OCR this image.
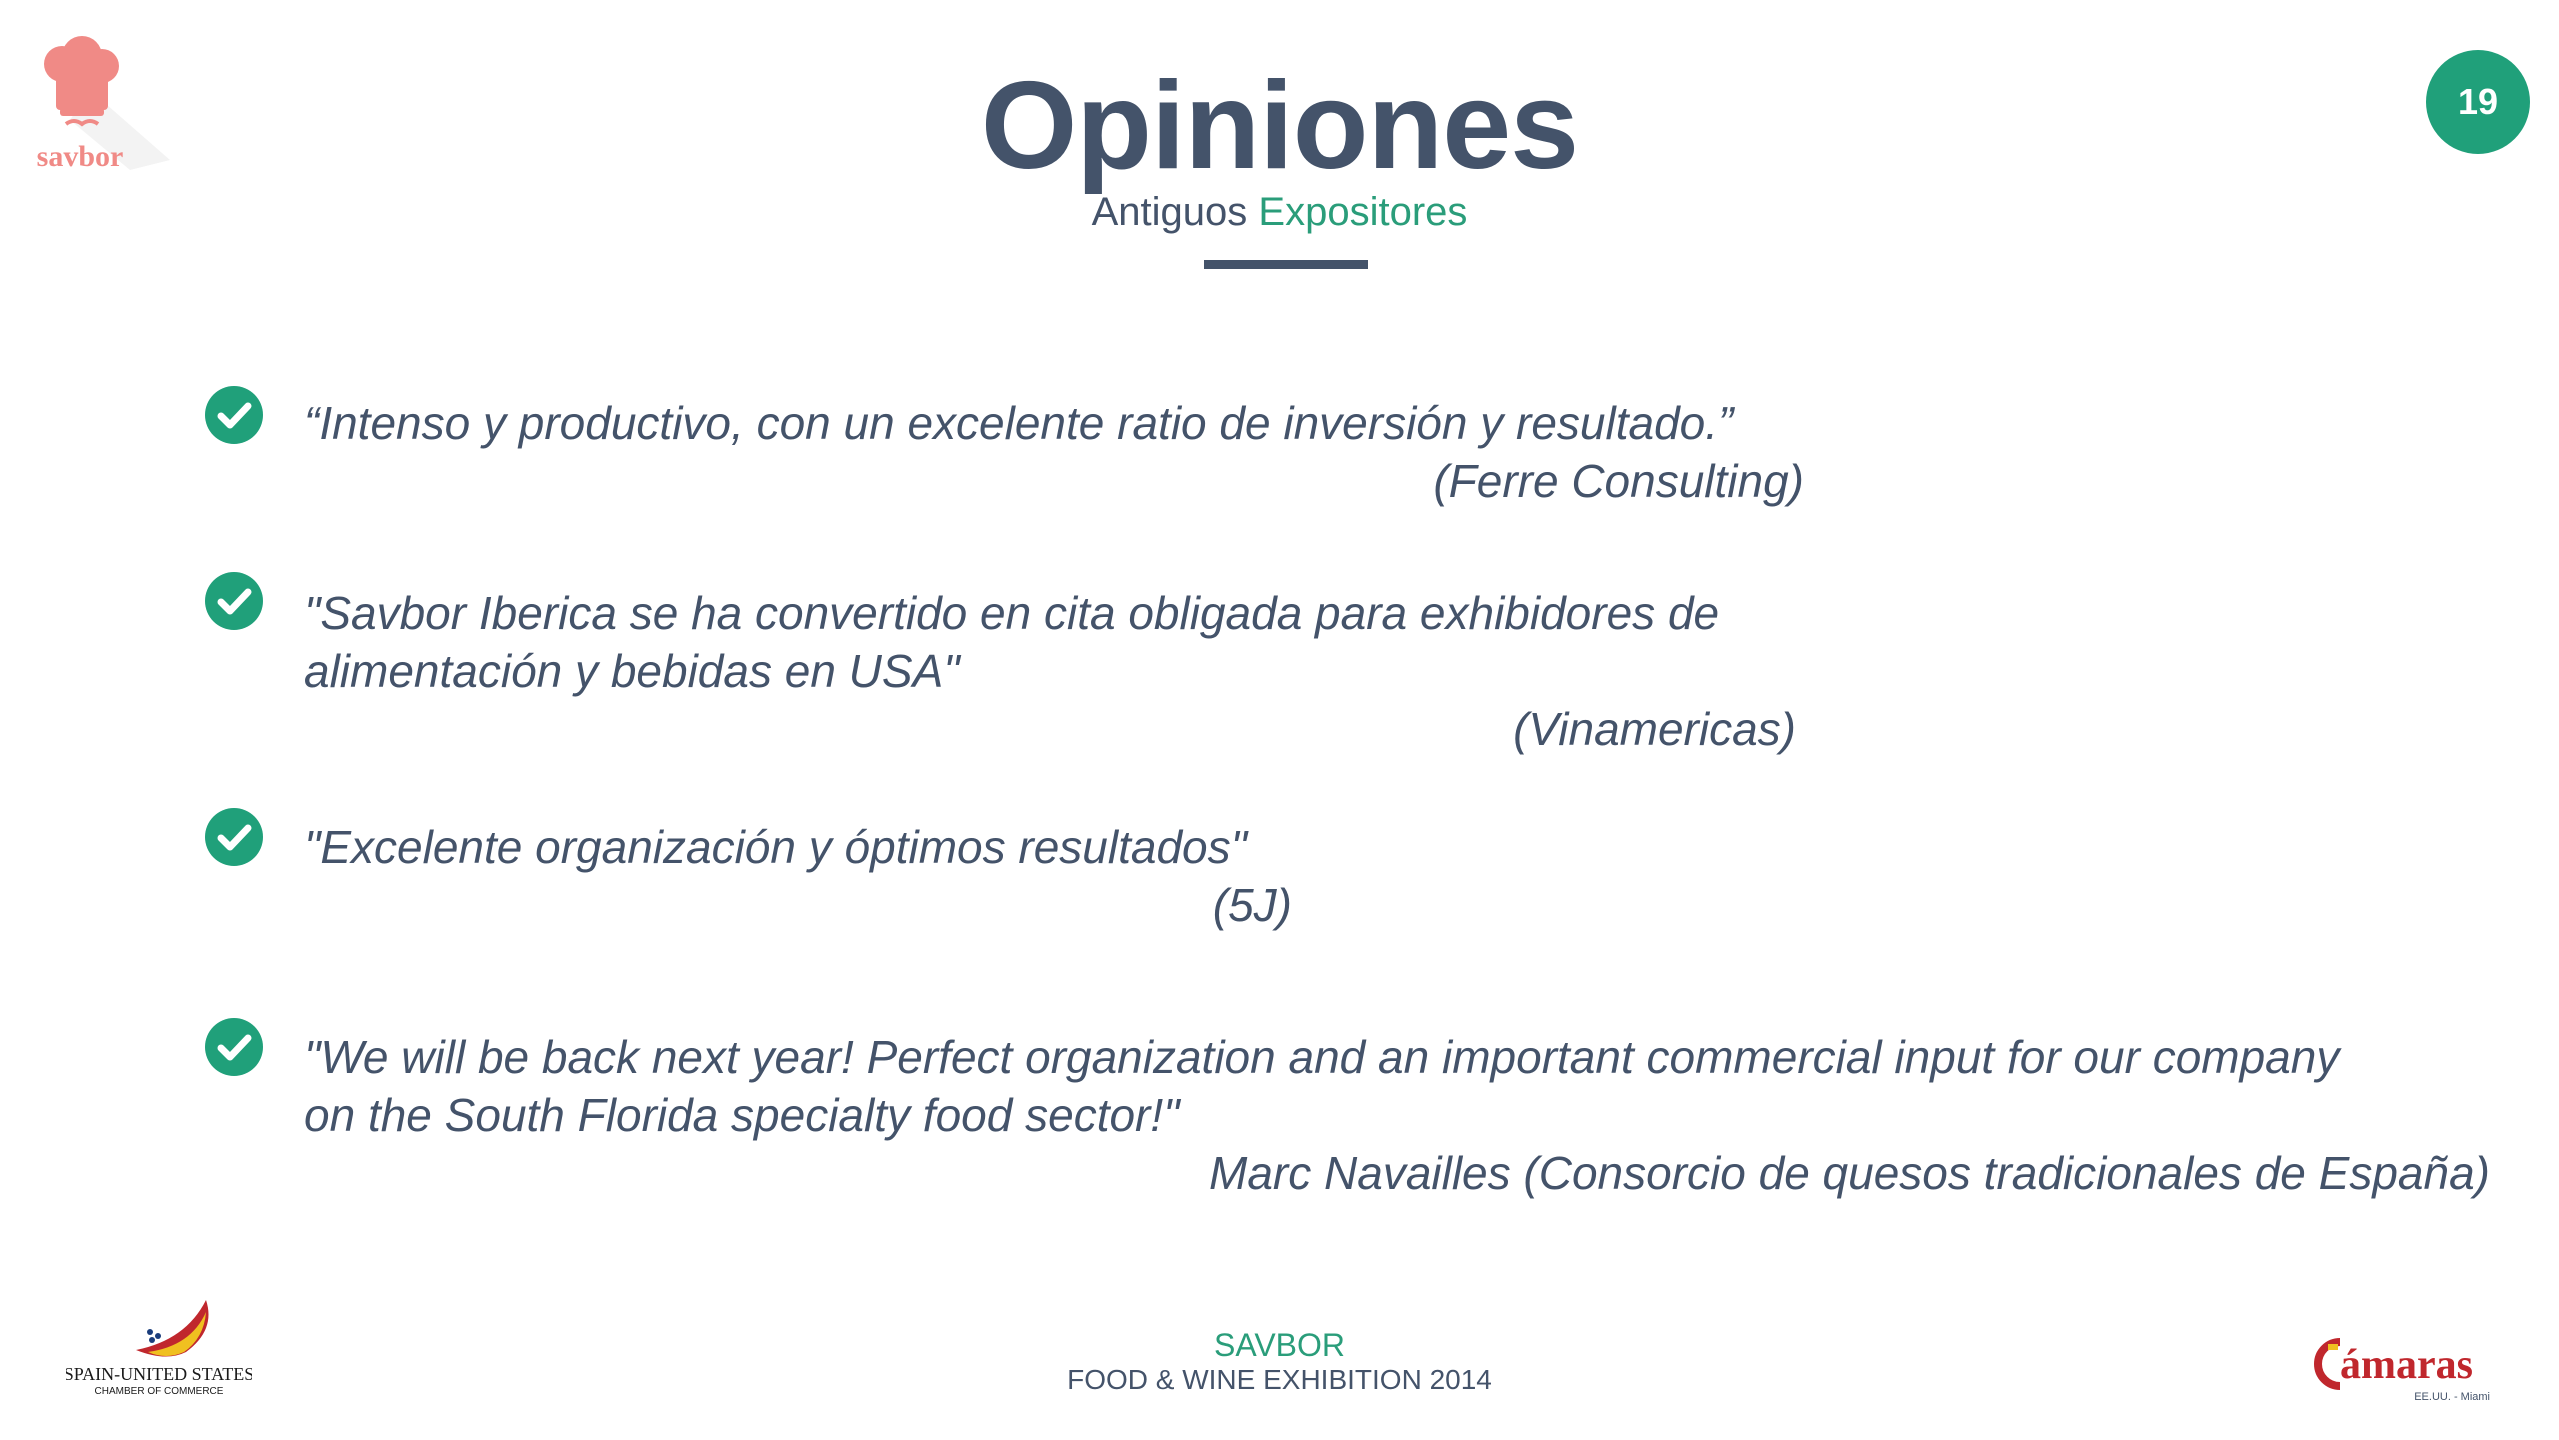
savbor	Opiniones
Antiguos Expositores
19
“Intenso y productivo, con un excelente ratio de inversión y resultado.”
(Ferre Consulting)
"Savbor Iberica se ha convertido en cita obligada para exhibidores de
alimentación y bebidas en USA"
(Vinamericas)
"Excelente organización y óptimos resultados"
(5J)
"We will be back next year! Perfect organization and an important commercial input for our company
on the South Florida specialty food sector!"
Marc Navailles (Consorcio de quesos tradicionales de España)
SPAIN-UNITED STATES
CHAMBER OF COMMERCE
SAVBOR
FOOD & WINE EXHIBITION 2014	ámaras
EE.UU. - Miami
